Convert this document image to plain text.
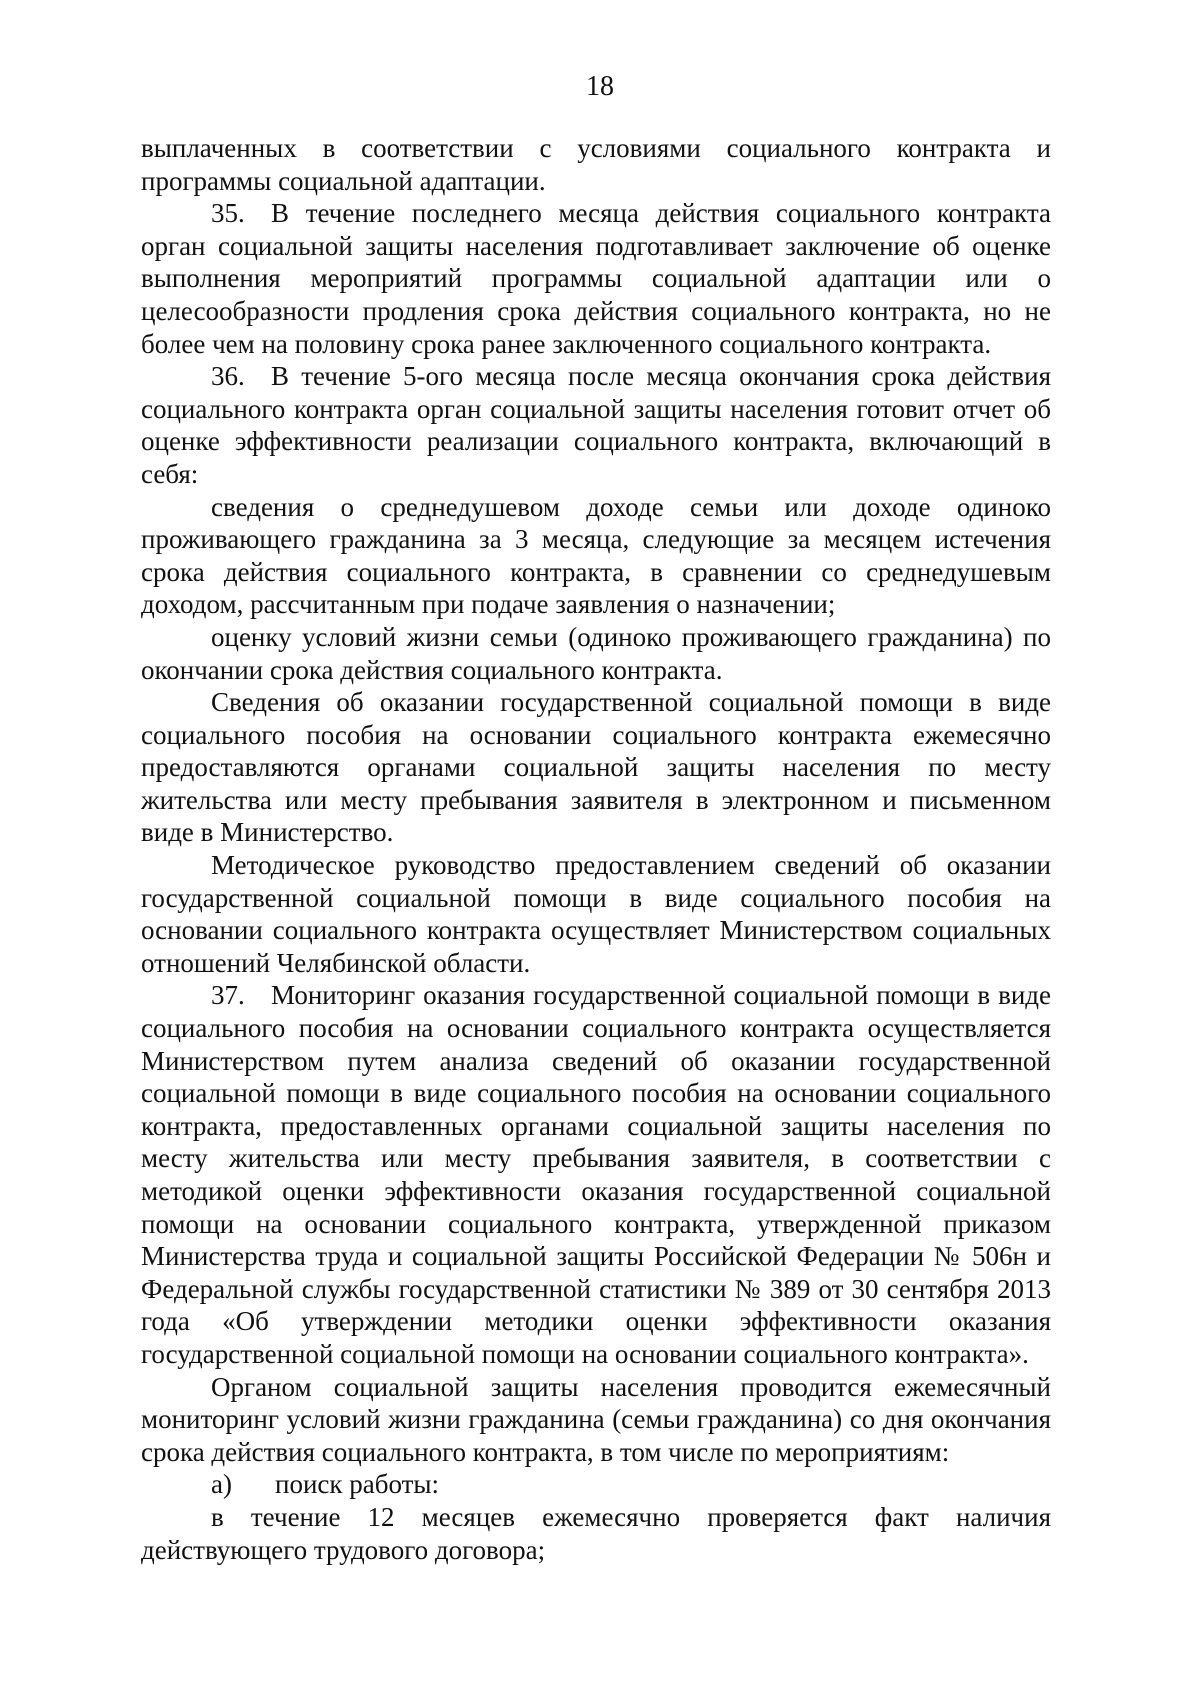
18

выплаченных в соответствии с условиями социального контракта и программы социальной адаптации.

35. В течение последнего месяца действия социального контракта орган социальной защиты населения подготавливает заключение об оценке выполнения мероприятий программы социальной адаптации или о целесообразности продления срока действия социального контракта, но не более чем на половину срока ранее заключенного социального контракта.

36. В течение 5-ого месяца после месяца окончания срока действия социального контракта орган социальной защиты населения готовит отчет об оценке эффективности реализации социального контракта, включающий в себя:

сведения о среднедушевом доходе семьи или доходе одиноко проживающего гражданина за 3 месяца, следующие за месяцем истечения срока действия социального контракта, в сравнении со среднедушевым доходом, рассчитанным при подаче заявления о назначении;

оценку условий жизни семьи (одиноко проживающего гражданина) по окончании срока действия социального контракта.

Сведения об оказании государственной социальной помощи в виде социального пособия на основании социального контракта ежемесячно предоставляются органами социальной защиты населения по месту жительства или месту пребывания заявителя в электронном и письменном виде в Министерство.

Методическое руководство предоставлением сведений об оказании государственной социальной помощи в виде социального пособия на основании социального контракта осуществляет Министерством социальных отношений Челябинской области.

37. Мониторинг оказания государственной социальной помощи в виде социального пособия на основании социального контракта осуществляется Министерством путем анализа сведений об оказании государственной социальной помощи в виде социального пособия на основании социального контракта, предоставленных органами социальной защиты населения по месту жительства или месту пребывания заявителя, в соответствии с методикой оценки эффективности оказания государственной социальной помощи на основании социального контракта, утвержденной приказом Министерства труда и социальной защиты Российской Федерации № 506н и Федеральной службы государственной статистики № 389 от 30 сентября 2013 года «Об утверждении методики оценки эффективности оказания государственной социальной помощи на основании социального контракта».

Органом социальной защиты населения проводится ежемесячный мониторинг условий жизни гражданина (семьи гражданина) со дня окончания срока действия социального контракта, в том числе по мероприятиям:

а) поиск работы:

в течение 12 месяцев ежемесячно проверяется факт наличия действующего трудового договора;
